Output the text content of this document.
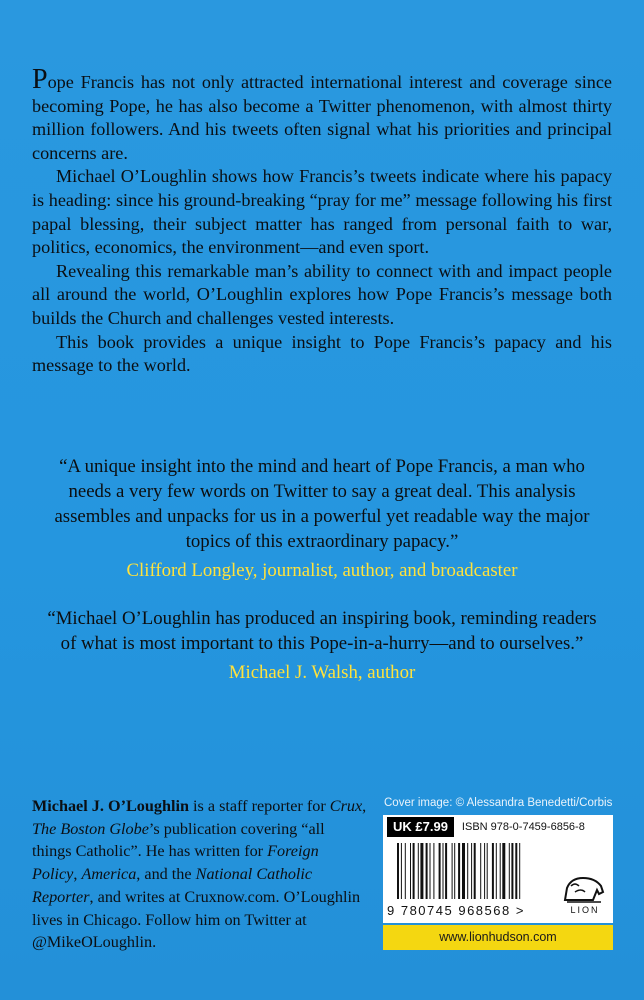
Pope Francis has not only attracted international interest and coverage since becoming Pope, he has also become a Twitter phenomenon, with almost thirty million followers. And his tweets often signal what his priorities and principal concerns are.

Michael O’Loughlin shows how Francis’s tweets indicate where his papacy is heading: since his ground-breaking “pray for me” message following his first papal blessing, their subject matter has ranged from personal faith to war, politics, economics, the environment—and even sport.

Revealing this remarkable man’s ability to connect with and impact people all around the world, O’Loughlin explores how Pope Francis’s message both builds the Church and challenges vested interests.

This book provides a unique insight to Pope Francis’s papacy and his message to the world.

“A unique insight into the mind and heart of Pope Francis, a man who needs a very few words on Twitter to say a great deal. This analysis assembles and unpacks for us in a powerful yet readable way the major topics of this extraordinary papacy.”
Clifford Longley, journalist, author, and broadcaster
“Michael O’Loughlin has produced an inspiring book, reminding readers of what is most important to this Pope-in-a-hurry—and to ourselves.”
Michael J. Walsh, author
Michael J. O’Loughlin is a staff reporter for Crux, The Boston Globe’s publication covering “all things Catholic”. He has written for Foreign Policy, America, and the National Catholic Reporter, and writes at Cruxnow.com. O’Loughlin lives in Chicago. Follow him on Twitter at @MikeOLoughlin.
Cover image: © Alessandra Benedetti/Corbis
UK £7.99	ISBN 978-0-7459-6856-8
9 780745 968568 >	LION
www.lionhudson.com
